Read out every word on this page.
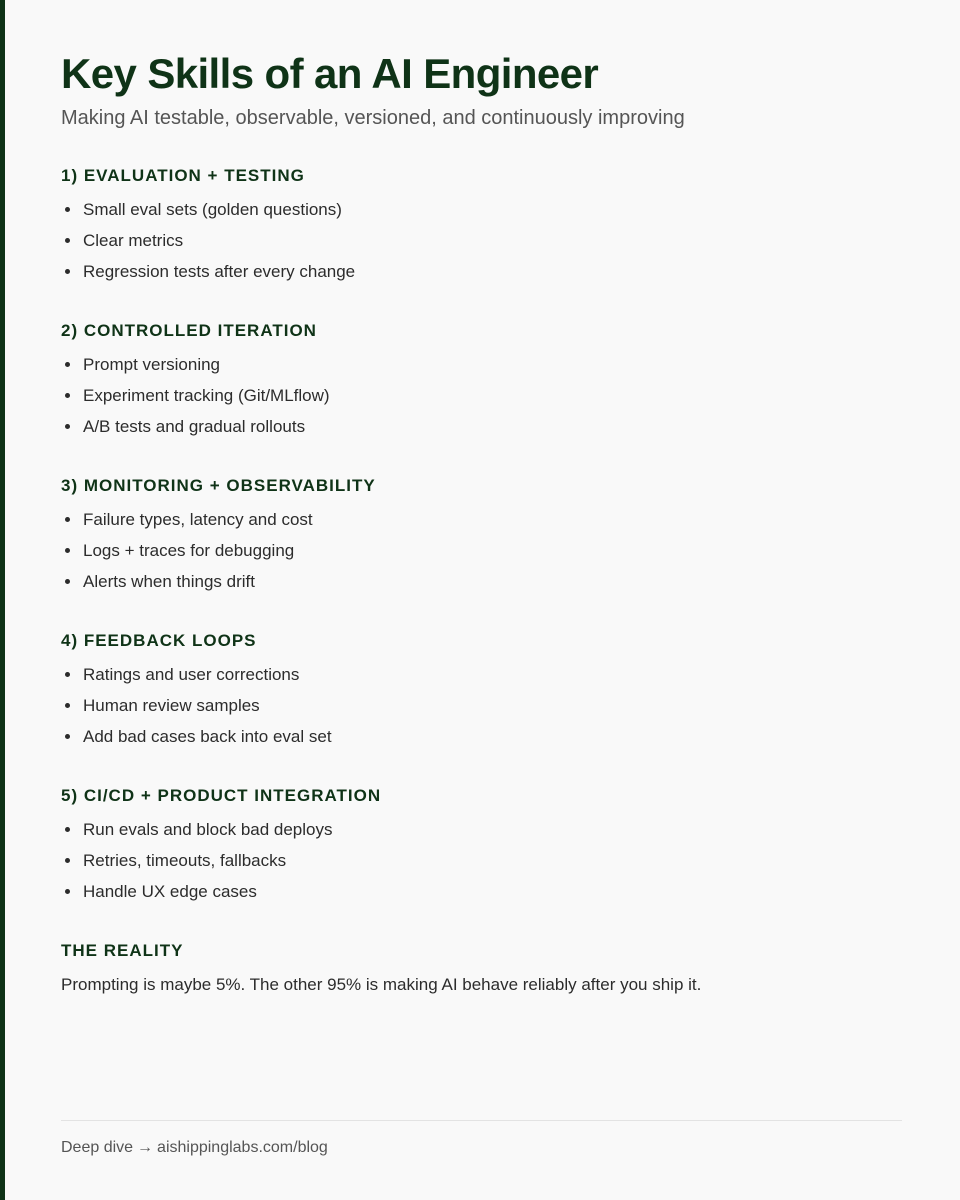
Key Skills of an AI Engineer

Making AI testable, observable, versioned, and continuously improving

1) EVALUATION + TESTING
Small eval sets (golden questions)
Clear metrics
Regression tests after every change
2) CONTROLLED ITERATION
Prompt versioning
Experiment tracking (Git/MLflow)
A/B tests and gradual rollouts
3) MONITORING + OBSERVABILITY
Failure types, latency and cost
Logs + traces for debugging
Alerts when things drift
4) FEEDBACK LOOPS
Ratings and user corrections
Human review samples
Add bad cases back into eval set
5) CI/CD + PRODUCT INTEGRATION
Run evals and block bad deploys
Retries, timeouts, fallbacks
Handle UX edge cases
THE REALITY

Prompting is maybe 5%. The other 95% is making AI behave reliably after you ship it.

Deep dive → aishippinglabs.com/blog
